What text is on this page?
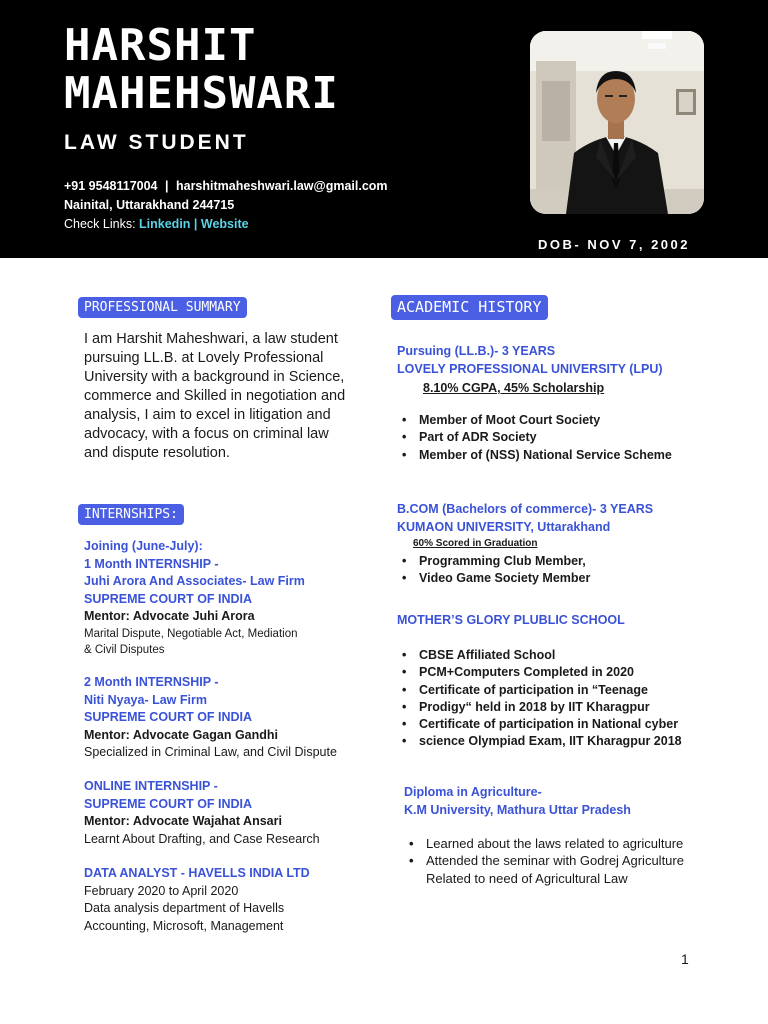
HARSHIT
MAHEHSWARI
LAW STUDENT
+91 9548117004 | harshitmaheshwari.law@gmail.com
Nainital, Uttarakhand 244715
Check Links: Linkedin | Website
DOB- NOV 7, 2002
PROFESSIONAL SUMMARY
I am Harshit Maheshwari, a law student
pursuing LL.B. at Lovely Professional
University with a background in Science,
commerce and Skilled in negotiation and
analysis, I aim to excel in litigation and
advocacy, with a focus on criminal law
and dispute resolution.
INTERNSHIPS:
Joining (June-July):
1 Month INTERNSHIP -
Juhi Arora And Associates- Law Firm
SUPREME COURT OF INDIA
Mentor: Advocate Juhi Arora
Marital Dispute, Negotiable Act, Mediation
& Civil Disputes
2 Month INTERNSHIP -
Niti Nyaya- Law Firm
SUPREME COURT OF INDIA
Mentor: Advocate Gagan Gandhi
Specialized in Criminal Law, and Civil Dispute
ONLINE INTERNSHIP -
SUPREME COURT OF INDIA
Mentor: Advocate Wajahat Ansari
Learnt About Drafting, and Case Research
DATA ANALYST - HAVELLS INDIA LTD
February 2020 to April 2020
Data analysis department of Havells
Accounting, Microsoft, Management
ACADEMIC HISTORY
Pursuing (LL.B.)- 3 YEARS
LOVELY PROFESSIONAL UNIVERSITY (LPU)
8.10% CGPA, 45% Scholarship
• Member of Moot Court Society
• Part of ADR Society
• Member of (NSS) National Service Scheme
B.COM (Bachelors of commerce)- 3 YEARS
KUMAON UNIVERSITY, Uttarakhand
60% Scored in Graduation
• Programming Club Member,
• Video Game Society Member
MOTHER’S GLORY PLUBLIC SCHOOL
• CBSE Affiliated School
• PCM+Computers Completed in 2020
• Certificate of participation in “Teenage
• Prodigy“ held in 2018 by IIT Kharagpur
• Certificate of participation in National cyber
• science Olympiad Exam, IIT Kharagpur 2018
Diploma in Agriculture-
K.M University, Mathura Uttar Pradesh
• Learned about the laws related to agriculture
• Attended the seminar with Godrej Agriculture
Related to need of Agricultural Law
1
